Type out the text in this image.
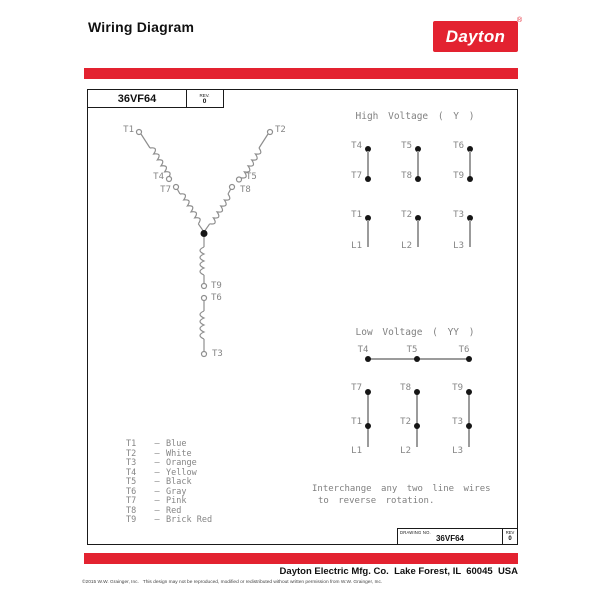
Wiring Diagram	Dayton
®
36VF64	REV.
0
T1	T2
T4
T7
T5
T8
T9
T6
T3
High Voltage ( Y )
T4	T5	T6
T7	T8	T9
T1	T2	T3
L1	L2	L3
Low Voltage ( YY )
T4	T5	T6
T7	T8	T9
T1	T2	T3
L1	L2	L3
T1	– Blue
T2	– White
T3	– Orange
T4	– Yellow
T5	– Black
T6	– Gray
T7	– Pink
T8	– Red
T9	– Brick Red
Interchange any two line wires
to reverse rotation.
DRAWING NO.
36VF64
REV
0
Dayton Electric Mfg. Co.  Lake Forest, IL  60045  USA
©2015 W.W. Grainger, Inc.   This design may not be reproduced, modified or redistributed without written permission from W.W. Grainger, Inc.
